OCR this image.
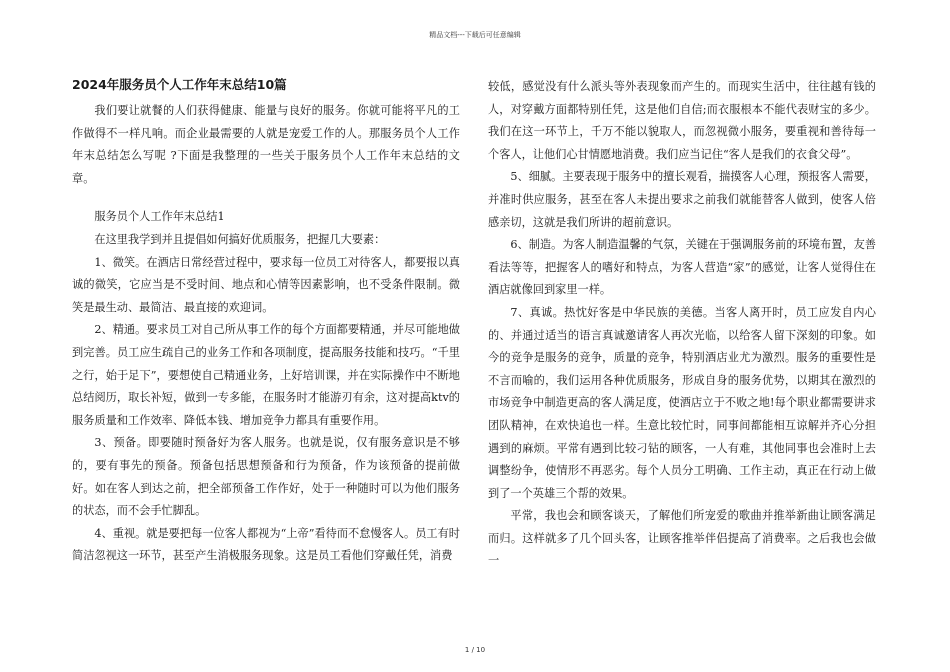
精品文档---下载后可任意编辑
2024年服务员个人工作年末总结10篇

我们要让就餐的人们获得健康、能量与良好的服务。你就可能将平凡的工作做得不一样凡响。而企业最需要的人就是宠爱工作的人。那服务员个人工作年末总结怎么写呢 ?下面是我整理的一些关于服务员个人工作年末总结的文章。

服务员个人工作年末总结1

在这里我学到并且提倡如何搞好优质服务，把握几大要素：

1、微笑。在酒店日常经营过程中，要求每一位员工对待客人，都要报以真诚的微笑，它应当是不受时间、地点和心情等因素影响，也不受条件限制。微笑是最生动、最简洁、最直接的欢迎词。

2、精通。要求员工对自己所从事工作的每个方面都要精通，并尽可能地做到完善。员工应生疏自己的业务工作和各项制度，提高服务技能和技巧。“千里之行，始于足下”，要想使自己精通业务，上好培训课，并在实际操作中不断地总结阅历，取长补短，做到一专多能，在服务时才能游刃有余，这对提高ktv的服务质量和工作效率、降低本钱、增加竞争力都具有重要作用。

3、预备。即要随时预备好为客人服务。也就是说，仅有服务意识是不够的，要有事先的预备。预备包括思想预备和行为预备，作为该预备的提前做好。如在客人到达之前，把全部预备工作作好，处于一种随时可以为他们服务的状态，而不会手忙脚乱。

4、重视。就是要把每一位客人都视为“上帝”看待而不怠慢客人。员工有时简洁忽视这一环节，甚至产生消极服务现象。这是员工看他们穿戴任凭，消费

较低，感觉没有什么派头等外表现象而产生的。而现实生活中，往往越有钱的人，对穿戴方面都特别任凭，这是他们自信;而衣服根本不能代表财宝的多少。我们在这一环节上，千万不能以貌取人，而忽视微小服务，要重视和善待每一个客人，让他们心甘情愿地消费。我们应当记住“客人是我们的衣食父母”。

5、细腻。主要表现于服务中的擅长观看，揣摸客人心理，预报客人需要，并准时供应服务，甚至在客人未提出要求之前我们就能替客人做到，使客人倍感亲切，这就是我们所讲的超前意识。

6、制造。为客人制造温馨的气氛，关键在于强调服务前的环境布置，友善看法等等，把握客人的嗜好和特点，为客人营造“家”的感觉，让客人觉得住在酒店就像回到家里一样。

7、真诚。热忱好客是中华民族的美德。当客人离开时，员工应发自内心的、并通过适当的语言真诚邀请客人再次光临，以给客人留下深刻的印象。如今的竞争是服务的竞争，质量的竞争，特别酒店业尤为激烈。服务的重要性是不言而喻的，我们运用各种优质服务，形成自身的服务优势，以期其在激烈的市场竞争中制造更高的客人满足度，使酒店立于不败之地!每个职业都需要讲求团队精神，在欢快追也一样。生意比较忙时，同事间都能相互谅解并齐心分担遇到的麻烦。平常有遇到比较刁钻的顾客，一人有难，其他同事也会准时上去调整纷争，使情形不再恶劣。每个人员分工明确、工作主动，真正在行动上做到了一个英雄三个帮的效果。

平常，我也会和顾客谈天，了解他们所宠爱的歌曲并推举新曲让顾客满足而归。这样就多了几个回头客，让顾客推举伴侣提高了消费率。之后我也会做一

1 / 10
